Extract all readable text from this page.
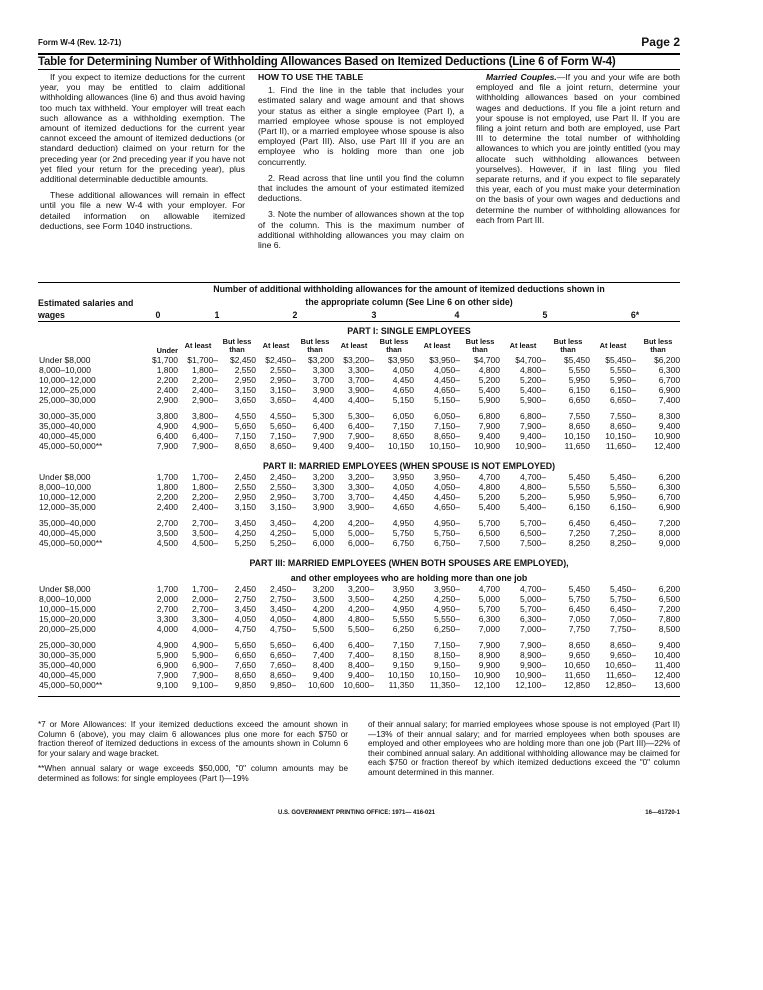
Form W-4 (Rev. 12-71)	Page 2
Table for Determining Number of Withholding Allowances Based on Itemized Deductions (Line 6 of Form W-4)

If you expect to itemize deductions for the current year, you may be entitled to claim additional withholding allowances (line 6) and thus avoid having too much tax withheld. Your employer will treat each such allowance as a withholding exemption. The amount of itemized deductions for the current year cannot exceed the amount of itemized deductions (or standard deduction) claimed on your return for the preceding year (or 2nd preceding year if you have not yet filed your return for the preceding year), plus additional determinable deductible amounts.

These additional allowances will remain in effect until you file a new W-4 with your employer. For detailed information on allowable itemized deductions, see Form 1040 instructions.

HOW TO USE THE TABLE

1. Find the line in the table that includes your estimated salary and wage amount and that shows your status as either a single employee (Part I), a married employee whose spouse is not employed (Part II), or a married employee whose spouse is also employed (Part III). Also, use Part III if you are an employee who is holding more than one job concurrently.

2. Read across that line until you find the column that includes the amount of your estimated itemized deductions.

3. Note the number of allowances shown at the top of the column. This is the maximum number of additional withholding allowances you may claim on line 6.

Married Couples.—If you and your wife are both employed and file a joint return, determine your withholding allowances based on your combined wages and deductions. If you file a joint return and your spouse is not employed, use Part II. If you are filing a joint return and both are employed, use Part III to determine the total number of withholding allowances to which you are jointly entitled (you may allocate such withholding allowances between yourselves). However, if in last filing you filed separate returns, and if you expect to file separately this year, each of you must make your determination on the basis of your own wages and deductions and determine the number of withholding allowances for each from Part III.

Estimated salaries and wages	Number of additional withholding allowances for the amount of itemized deductions shown in												
	the appropriate column (See Line 6 on other side)												
	0	1		2		3		4		5		6*	
	PART I: SINGLE EMPLOYEES												
	Under	At least	But less than	At least	But less than	At least	But less than	At least	But less than	At least	But less than	At least	But less than
Under $8,000	$1,700	$1,700–	$2,450	$2,450–	$3,200	$3,200–	$3,950	$3,950–	$4,700	$4,700–	$5,450	$5,450–	$6,200
8,000–10,000	1,800	1,800–	2,550	2,550–	3,300	3,300–	4,050	4,050–	4,800	4,800–	5,550	5,550–	6,300
10,000–12,000	2,200	2,200–	2,950	2,950–	3,700	3,700–	4,450	4,450–	5,200	5,200–	5,950	5,950–	6,700
12,000–25,000	2,400	2,400–	3,150	3,150–	3,900	3,900–	4,650	4,650–	5,400	5,400–	6,150	6,150–	6,900
25,000–30,000	2,900	2,900–	3,650	3,650–	4,400	4,400–	5,150	5,150–	5,900	5,900–	6,650	6,650–	7,400

30,000–35,000	3,800	3,800–	4,550	4,550–	5,300	5,300–	6,050	6,050–	6,800	6,800–	7,550	7,550–	8,300
35,000–40,000	4,900	4,900–	5,650	5,650–	6,400	6,400–	7,150	7,150–	7,900	7,900–	8,650	8,650–	9,400
40,000–45,000	6,400	6,400–	7,150	7,150–	7,900	7,900–	8,650	8,650–	9,400	9,400–	10,150	10,150–	10,900
45,000–50,000**	7,900	7,900–	8,650	8,650–	9,400	9,400–	10,150	10,150–	10,900	10,900–	11,650	11,650–	12,400

	PART II: MARRIED EMPLOYEES (WHEN SPOUSE IS NOT EMPLOYED)												
Under $8,000	1,700	1,700–	2,450	2,450–	3,200	3,200–	3,950	3,950–	4,700	4,700–	5,450	5,450–	6,200
8,000–10,000	1,800	1,800–	2,550	2,550–	3,300	3,300–	4,050	4,050–	4,800	4,800–	5,550	5,550–	6,300
10,000–12,000	2,200	2,200–	2,950	2,950–	3,700	3,700–	4,450	4,450–	5,200	5,200–	5,950	5,950–	6,700
12,000–35,000	2,400	2,400–	3,150	3,150–	3,900	3,900–	4,650	4,650–	5,400	5,400–	6,150	6,150–	6,900

35,000–40,000	2,700	2,700–	3,450	3,450–	4,200	4,200–	4,950	4,950–	5,700	5,700–	6,450	6,450–	7,200
40,000–45,000	3,500	3,500–	4,250	4,250–	5,000	5,000–	5,750	5,750–	6,500	6,500–	7,250	7,250–	8,000
45,000–50,000**	4,500	4,500–	5,250	5,250–	6,000	6,000–	6,750	6,750–	7,500	7,500–	8,250	8,250–	9,000

	PART III: MARRIED EMPLOYEES (WHEN BOTH SPOUSES ARE EMPLOYED),												
	and other employees who are holding more than one job												
Under $8,000	1,700	1,700–	2,450	2,450–	3,200	3,200–	3,950	3,950–	4,700	4,700–	5,450	5,450–	6,200
8,000–10,000	2,000	2,000–	2,750	2,750–	3,500	3,500–	4,250	4,250–	5,000	5,000–	5,750	5,750–	6,500
10,000–15,000	2,700	2,700–	3,450	3,450–	4,200	4,200–	4,950	4,950–	5,700	5,700–	6,450	6,450–	7,200
15,000–20,000	3,300	3,300–	4,050	4,050–	4,800	4,800–	5,550	5,550–	6,300	6,300–	7,050	7,050–	7,800
20,000–25,000	4,000	4,000–	4,750	4,750–	5,500	5,500–	6,250	6,250–	7,000	7,000–	7,750	7,750–	8,500

25,000–30,000	4,900	4,900–	5,650	5,650–	6,400	6,400–	7,150	7,150–	7,900	7,900–	8,650	8,650–	9,400
30,000–35,000	5,900	5,900–	6,650	6,650–	7,400	7,400–	8,150	8,150–	8,900	8,900–	9,650	9,650–	10,400
35,000–40,000	6,900	6,900–	7,650	7,650–	8,400	8,400–	9,150	9,150–	9,900	9,900–	10,650	10,650–	11,400
40,000–45,000	7,900	7,900–	8,650	8,650–	9,400	9,400–	10,150	10,150–	10,900	10,900–	11,650	11,650–	12,400
45,000–50,000**	9,100	9,100–	9,850	9,850–	10,600	10,600–	11,350	11,350–	12,100	12,100–	12,850	12,850–	13,600

*7 or More Allowances: If your itemized deductions exceed the amount shown in Column 6 (above), you may claim 6 allowances plus one more for each $750 or fraction thereof of itemized deductions in excess of the amounts shown in Column 6 for your salary and wage bracket.

**When annual salary or wage exceeds $50,000, "0" column amounts may be determined as follows: for single employees (Part I)—19%

of their annual salary; for married employees whose spouse is not employed (Part II)—13% of their annual salary; and for married employees when both spouses are employed and other employees who are holding more than one job (Part III)—22% of their combined annual salary. An additional withholding allowance may be claimed for each $750 or fraction thereof by which itemized deductions exceed the "0" column amount determined in this manner.

U.S. GOVERNMENT PRINTING OFFICE: 1971— 416-021	16—61720-1
